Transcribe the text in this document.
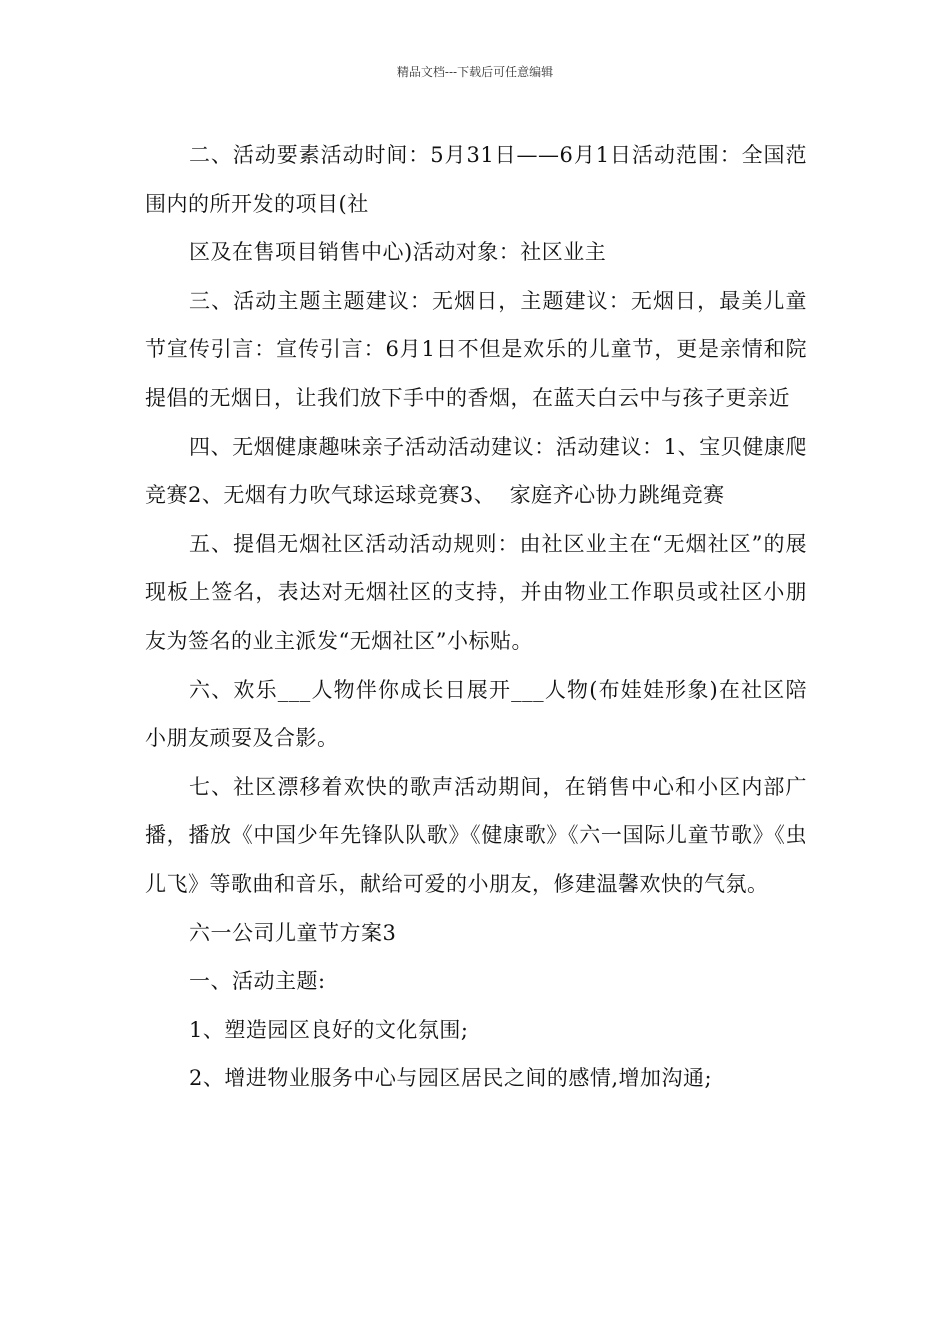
精品文档---下载后可任意编辑

二、活动要素活动时间：5月31日——6月1日活动范围：全国范围内的所开发的项目(社

区及在售项目销售中心)活动对象：社区业主

三、活动主题主题建议：无烟日，主题建议：无烟日，最美儿童节宣传引言：宣传引言：6月1日不但是欢乐的儿童节，更是亲情和院提倡的无烟日，让我们放下手中的香烟，在蓝天白云中与孩子更亲近

四、无烟健康趣味亲子活动活动建议：活动建议：1、宝贝健康爬竞赛2、无烟有力吹气球运球竞赛3、  家庭齐心协力跳绳竞赛

五、提倡无烟社区活动活动规则：由社区业主在“无烟社区”的展现板上签名，表达对无烟社区的支持，并由物业工作职员或社区小朋友为签名的业主派发“无烟社区”小标贴。

六、欢乐___人物伴你成长日展开___人物(布娃娃形象)在社区陪小朋友顽耍及合影。

七、社区漂移着欢快的歌声活动期间，在销售中心和小区内部广播，播放《中国少年先锋队队歌》《健康歌》《六一国际儿童节歌》《虫儿飞》等歌曲和音乐，献给可爱的小朋友，修建温馨欢快的气氛。

六一公司儿童节方案3

一、活动主题:

1、塑造园区良好的文化氛围;

2、增进物业服务中心与园区居民之间的感情,增加沟通;
